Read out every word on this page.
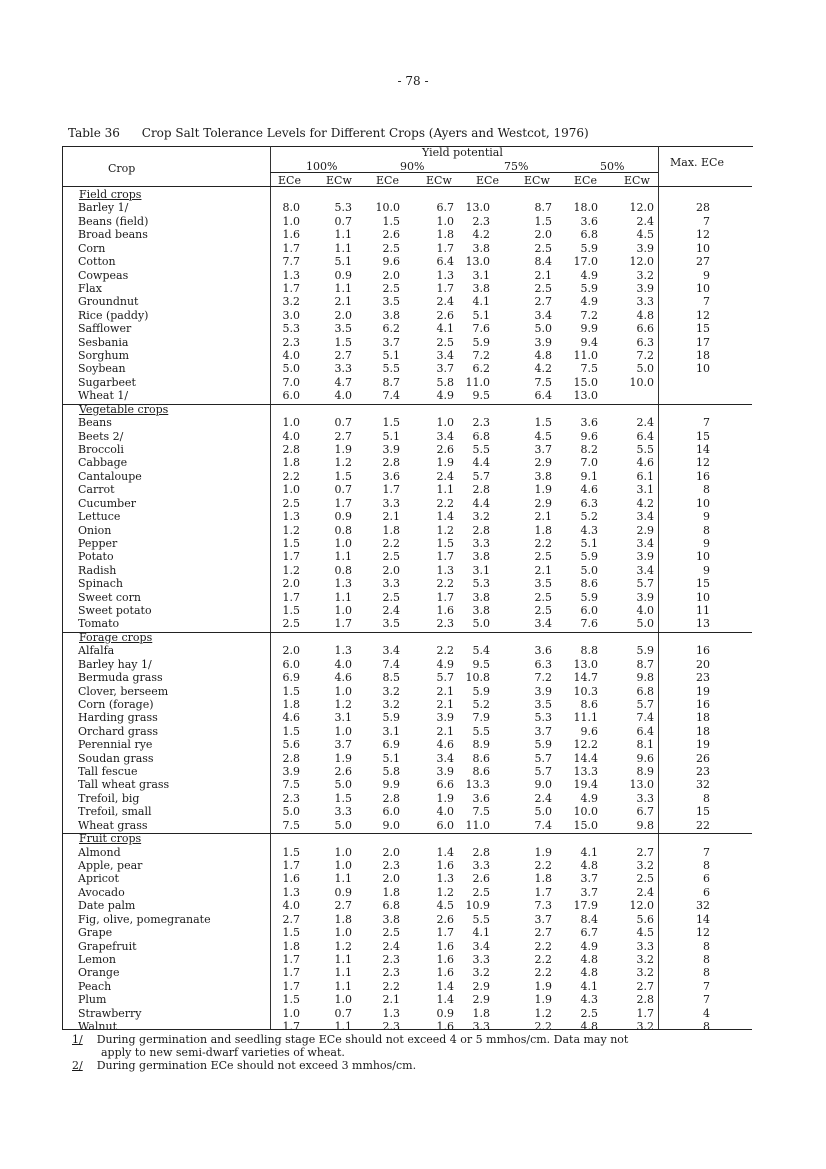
- 78 -
Table 36 Crop Salt Tolerance Levels for Different Crops (Ayers and Westcot, 1976)
Crop
Yield potential
100%	90%	75%	50%	Max. ECe
ECe ECw ECe ECw ECe ECw ECe ECw
Field crops
Barley 1/	8.0	5.3	10.0	6.7	13.0	8.7	18.0	12.0	28
Beans (field)	1.0	0.7	1.5	1.0	2.3	1.5	3.6	2.4	7
Broad beans	1.6	1.1	2.6	1.8	4.2	2.0	6.8	4.5	12
Corn	1.7	1.1	2.5	1.7	3.8	2.5	5.9	3.9	10
Cotton	7.7	5.1	9.6	6.4	13.0	8.4	17.0	12.0	27
Cowpeas	1.3	0.9	2.0	1.3	3.1	2.1	4.9	3.2	9
Flax	1.7	1.1	2.5	1.7	3.8	2.5	5.9	3.9	10
Groundnut	3.2	2.1	3.5	2.4	4.1	2.7	4.9	3.3	7
Rice (paddy)	3.0	2.0	3.8	2.6	5.1	3.4	7.2	4.8	12
Safflower	5.3	3.5	6.2	4.1	7.6	5.0	9.9	6.6	15
Sesbania	2.3	1.5	3.7	2.5	5.9	3.9	9.4	6.3	17
Sorghum	4.0	2.7	5.1	3.4	7.2	4.8	11.0	7.2	18
Soybean	5.0	3.3	5.5	3.7	6.2	4.2	7.5	5.0	10
Sugarbeet	7.0	4.7	8.7	5.8	11.0	7.5	15.0	10.0
Wheat 1/	6.0	4.0	7.4	4.9	9.5	6.4	13.0
Vegetable crops
Beans	1.0	0.7	1.5	1.0	2.3	1.5	3.6	2.4	7
Beets 2/	4.0	2.7	5.1	3.4	6.8	4.5	9.6	6.4	15
Broccoli	2.8	1.9	3.9	2.6	5.5	3.7	8.2	5.5	14
Cabbage	1.8	1.2	2.8	1.9	4.4	2.9	7.0	4.6	12
Cantaloupe	2.2	1.5	3.6	2.4	5.7	3.8	9.1	6.1	16
Carrot	1.0	0.7	1.7	1.1	2.8	1.9	4.6	3.1	8
Cucumber	2.5	1.7	3.3	2.2	4.4	2.9	6.3	4.2	10
Lettuce	1.3	0.9	2.1	1.4	3.2	2.1	5.2	3.4	9
Onion	1.2	0.8	1.8	1.2	2.8	1.8	4.3	2.9	8
Pepper	1.5	1.0	2.2	1.5	3.3	2.2	5.1	3.4	9
Potato	1.7	1.1	2.5	1.7	3.8	2.5	5.9	3.9	10
Radish	1.2	0.8	2.0	1.3	3.1	2.1	5.0	3.4	9
Spinach	2.0	1.3	3.3	2.2	5.3	3.5	8.6	5.7	15
Sweet corn	1.7	1.1	2.5	1.7	3.8	2.5	5.9	3.9	10
Sweet potato	1.5	1.0	2.4	1.6	3.8	2.5	6.0	4.0	11
Tomato	2.5	1.7	3.5	2.3	5.0	3.4	7.6	5.0	13
Forage crops
Alfalfa	2.0	1.3	3.4	2.2	5.4	3.6	8.8	5.9	16
Barley hay 1/	6.0	4.0	7.4	4.9	9.5	6.3	13.0	8.7	20
Bermuda grass	6.9	4.6	8.5	5.7	10.8	7.2	14.7	9.8	23
Clover, berseem	1.5	1.0	3.2	2.1	5.9	3.9	10.3	6.8	19
Corn (forage)	1.8	1.2	3.2	2.1	5.2	3.5	8.6	5.7	16
Harding grass	4.6	3.1	5.9	3.9	7.9	5.3	11.1	7.4	18
Orchard grass	1.5	1.0	3.1	2.1	5.5	3.7	9.6	6.4	18
Perennial rye	5.6	3.7	6.9	4.6	8.9	5.9	12.2	8.1	19
Soudan grass	2.8	1.9	5.1	3.4	8.6	5.7	14.4	9.6	26
Tall fescue	3.9	2.6	5.8	3.9	8.6	5.7	13.3	8.9	23
Tall wheat grass	7.5	5.0	9.9	6.6	13.3	9.0	19.4	13.0	32
Trefoil, big	2.3	1.5	2.8	1.9	3.6	2.4	4.9	3.3	8
Trefoil, small	5.0	3.3	6.0	4.0	7.5	5.0	10.0	6.7	15
Wheat grass	7.5	5.0	9.0	6.0	11.0	7.4	15.0	9.8	22
Fruit crops
Almond	1.5	1.0	2.0	1.4	2.8	1.9	4.1	2.7	7
Apple, pear	1.7	1.0	2.3	1.6	3.3	2.2	4.8	3.2	8
Apricot	1.6	1.1	2.0	1.3	2.6	1.8	3.7	2.5	6
Avocado	1.3	0.9	1.8	1.2	2.5	1.7	3.7	2.4	6
Date palm	4.0	2.7	6.8	4.5	10.9	7.3	17.9	12.0	32
Fig, olive, pomegranate	2.7	1.8	3.8	2.6	5.5	3.7	8.4	5.6	14
Grape	1.5	1.0	2.5	1.7	4.1	2.7	6.7	4.5	12
Grapefruit	1.8	1.2	2.4	1.6	3.4	2.2	4.9	3.3	8
Lemon	1.7	1.1	2.3	1.6	3.3	2.2	4.8	3.2	8
Orange	1.7	1.1	2.3	1.6	3.2	2.2	4.8	3.2	8
Peach	1.7	1.1	2.2	1.4	2.9	1.9	4.1	2.7	7
Plum	1.5	1.0	2.1	1.4	2.9	1.9	4.3	2.8	7
Strawberry	1.0	0.7	1.3	0.9	1.8	1.2	2.5	1.7	4
Walnut	1.7	1.1	2.3	1.6	3.3	2.2	4.8	3.2	8
1/ During germination and seedling stage ECe should not exceed 4 or 5 mmhos/cm. Data may not
apply to new semi-dwarf varieties of wheat.
2/ During germination ECe should not exceed 3 mmhos/cm.
